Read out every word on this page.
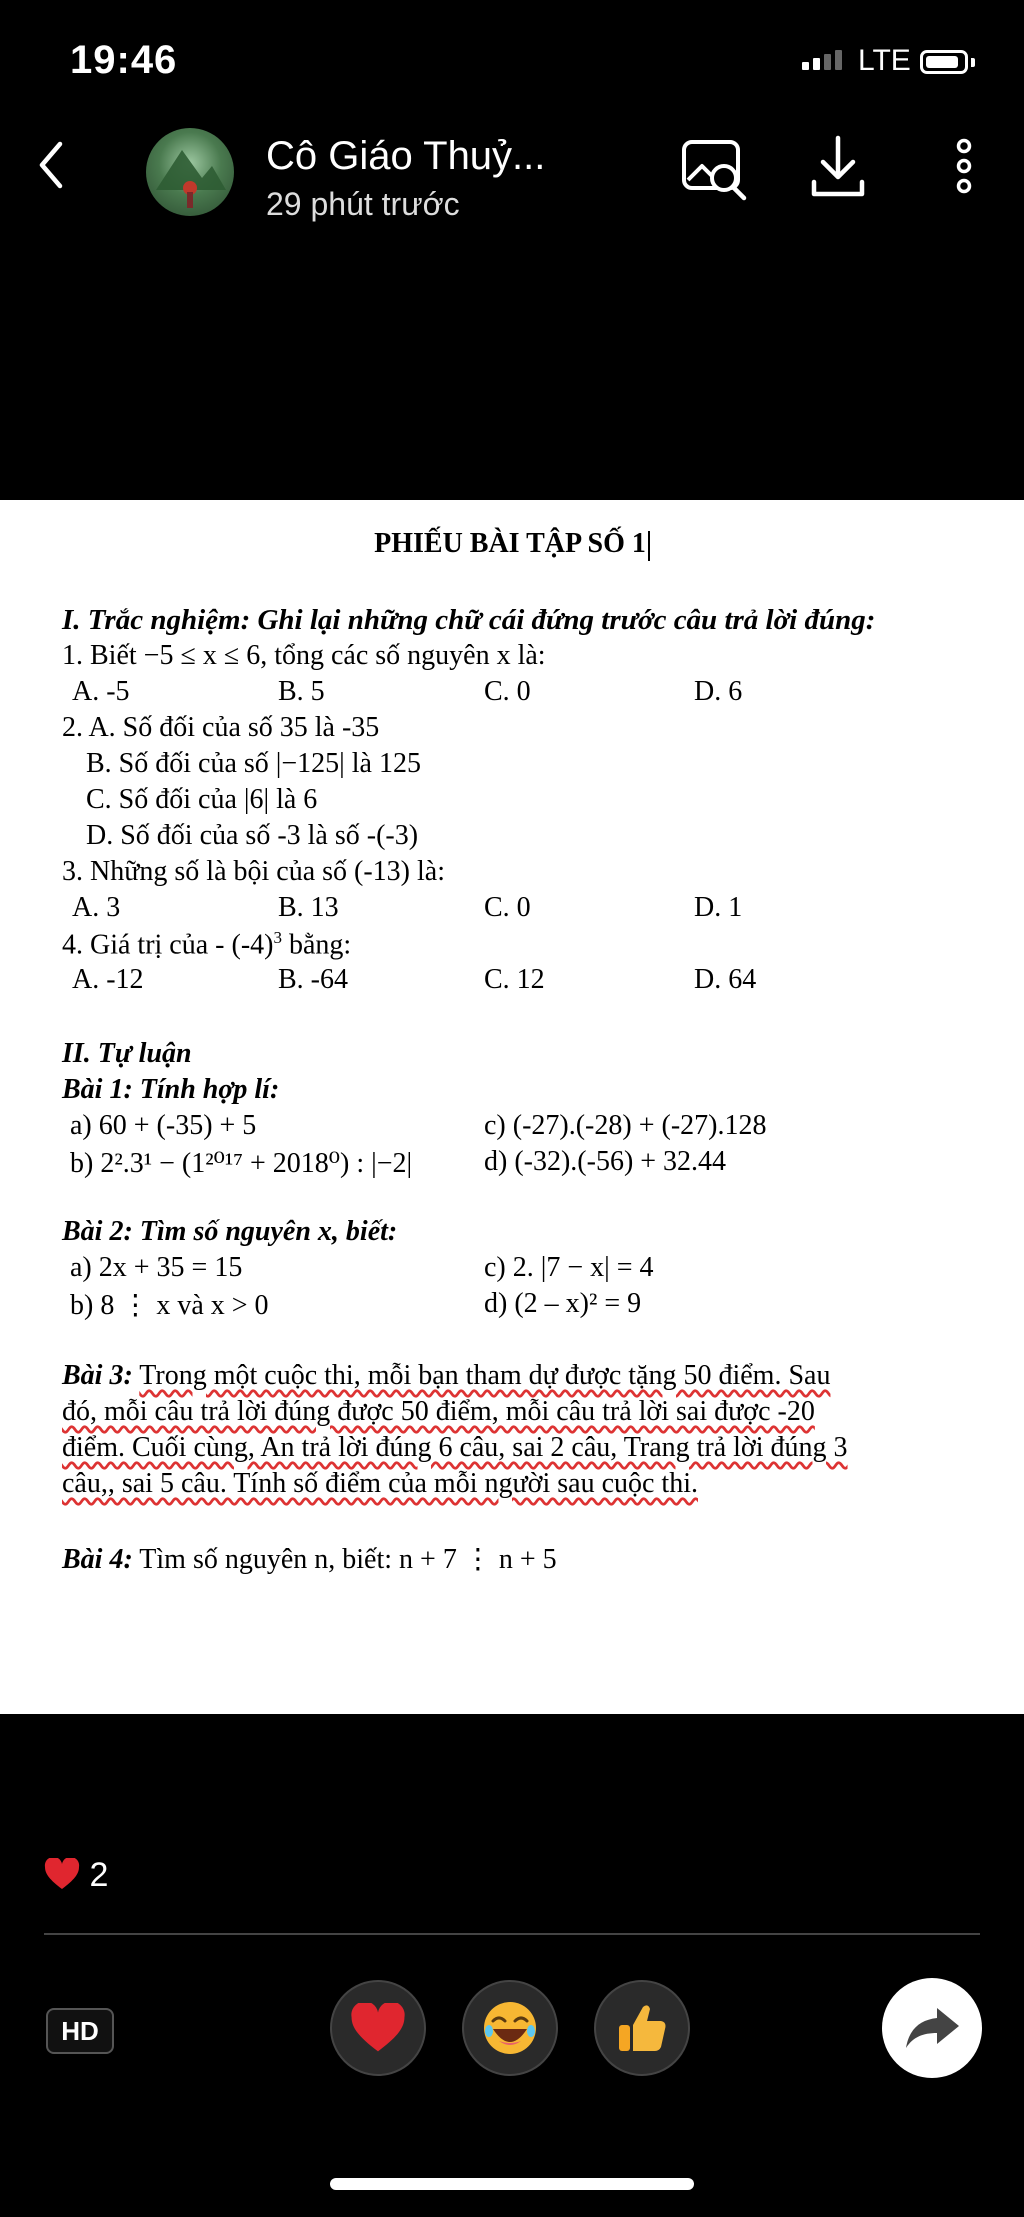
19:46	LTE
Cô Giáo Thuỷ...
29 phút trước
PHIẾU BÀI TẬP SỐ 1
I. Trắc nghiệm: Ghi lại những chữ cái đứng trước câu trả lời đúng:
1. Biết −5 ≤ x ≤ 6, tổng các số nguyên x là:
A. -5	B. 5	C. 0	D. 6
2. A. Số đối của số 35 là -35
B. Số đối của số |−125| là 125
C. Số đối của |6| là 6
D. Số đối của số -3 là số -(-3)
3. Những số là bội của số (-13) là:
A. 3	B. 13	C. 0	D. 1
4. Giá trị của - $(-4)^3$ bằng:
A. -12	B. -64	C. 12	D. 64
II. Tự luận
Bài 1: Tính hợp lí:
a) 60 + (-35) + 5	c) (-27).(-28) + (-27).128
b) 2².3¹ − (1²⁰¹⁷ + 2018⁰) : |−2|	d) (-32).(-56) + 32.44
Bài 2: Tìm số nguyên x, biết:
a) 2x + 35 = 15	c) 2. |7 − x| = 4
b) 8 ⋮ x và x > 0	d) (2 – x)² = 9
Bài 3: Trong một cuộc thi, mỗi bạn tham dự được tặng 50 điểm. Sau
đó, mỗi câu trả lời đúng được 50 điểm, mỗi câu trả lời sai được -20
điểm. Cuối cùng, An trả lời đúng 6 câu, sai 2 câu, Trang trả lời đúng 3
câu,, sai 5 câu. Tính số điểm của mỗi người sau cuộc thi.
Bài 4: Tìm số nguyên n, biết: n + 7 ⋮ n + 5
2
HD
